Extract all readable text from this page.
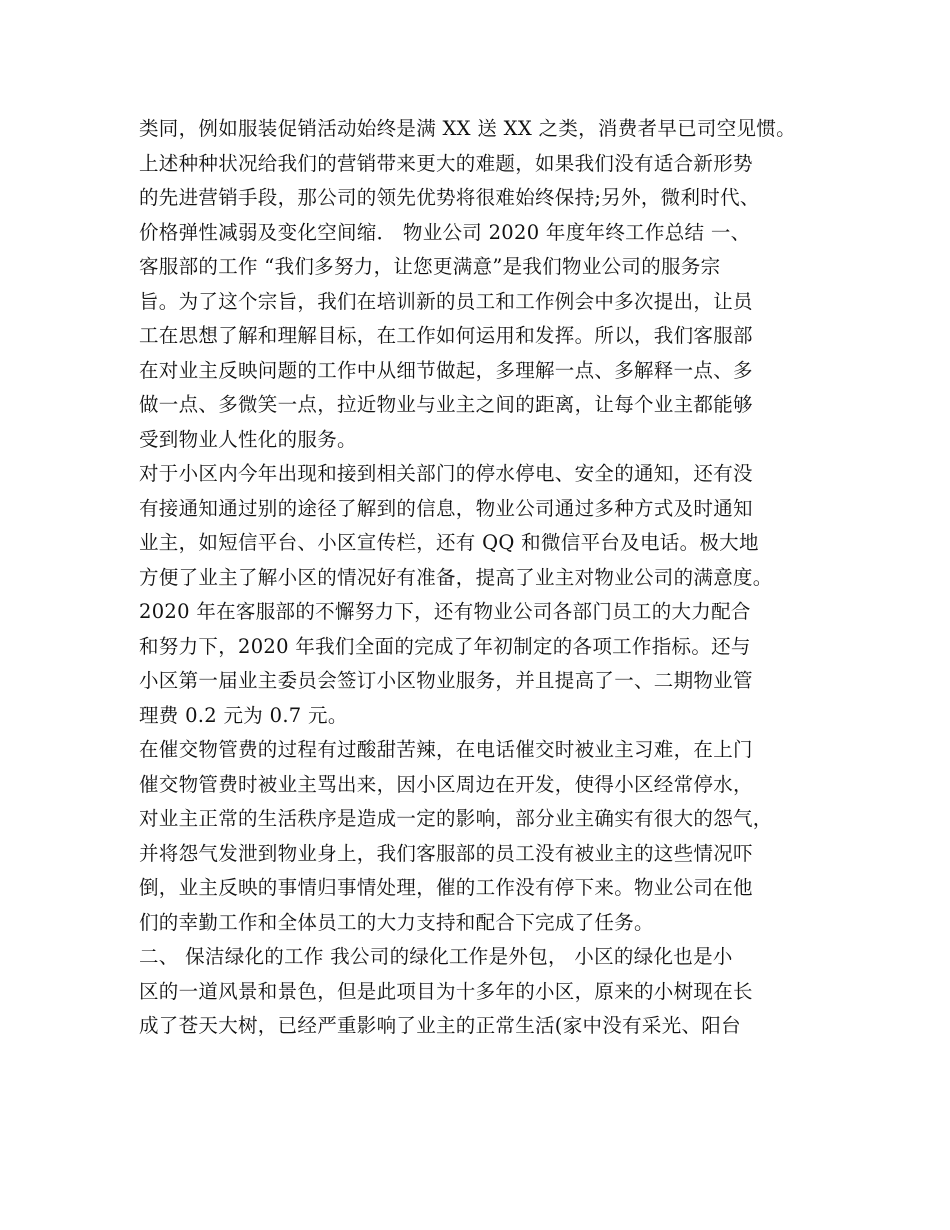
类同，例如服装促销活动始终是满 XX 送 XX 之类，消费者早已司空见惯。
上述种种状况给我们的营销带来更大的难题，如果我们没有适合新形势
的先进营销手段，那公司的领先优势将很难始终保持;另外，微利时代、
价格弹性减弱及变化空间缩． 物业公司 2020 年度年终工作总结 一、
客服部的工作 “我们多努力，让您更满意”是我们物业公司的服务宗
旨。为了这个宗旨，我们在培训新的员工和工作例会中多次提出，让员
工在思想了解和理解目标，在工作如何运用和发挥。所以，我们客服部
在对业主反映问题的工作中从细节做起，多理解一点、多解释一点、多
做一点、多微笑一点，拉近物业与业主之间的距离，让每个业主都能够
受到物业人性化的服务。
对于小区内今年出现和接到相关部门的停水停电、安全的通知，还有没
有接通知通过别的途径了解到的信息，物业公司通过多种方式及时通知
业主，如短信平台、小区宣传栏，还有 QQ 和微信平台及电话。极大地
方便了业主了解小区的情况好有准备，提高了业主对物业公司的满意度。
2020 年在客服部的不懈努力下，还有物业公司各部门员工的大力配合
和努力下，2020 年我们全面的完成了年初制定的各项工作指标。还与
小区第一届业主委员会签订小区物业服务，并且提高了一、二期物业管
理费 0.2 元为 0.7 元。
在催交物管费的过程有过酸甜苦辣，在电话催交时被业主习难，在上门
催交物管费时被业主骂出来，因小区周边在开发，使得小区经常停水，
对业主正常的生活秩序是造成一定的影响，部分业主确实有很大的怨气，
并将怨气发泄到物业身上，我们客服部的员工没有被业主的这些情况吓
倒，业主反映的事情归事情处理，催的工作没有停下来。物业公司在他
们的幸勤工作和全体员工的大力支持和配合下完成了任务。
二、 保洁绿化的工作 我公司的绿化工作是外包， 小区的绿化也是小
区的一道风景和景色，但是此项目为十多年的小区，原来的小树现在长
成了苍天大树，已经严重影响了业主的正常生活(家中没有采光、阳台
